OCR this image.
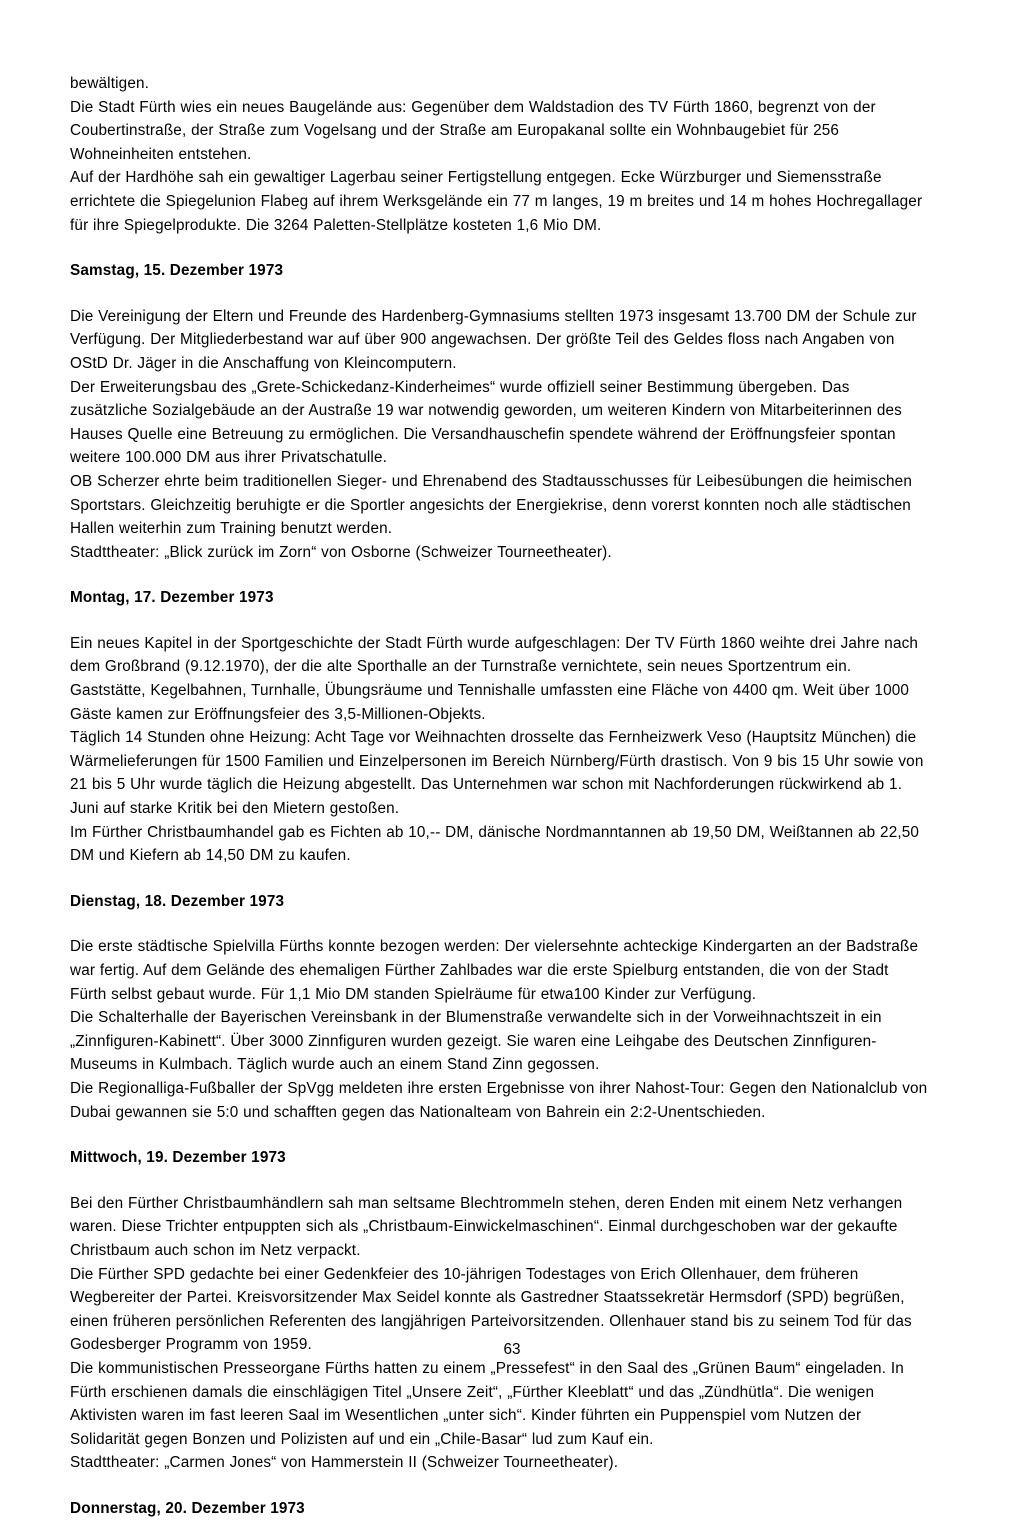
bewältigen.

Die Stadt Fürth wies ein neues Baugelände aus: Gegenüber dem Waldstadion des TV Fürth 1860, begrenzt von der Coubertinstraße, der Straße zum Vogelsang und der Straße am Europakanal sollte ein Wohnbaugebiet für 256 Wohneinheiten entstehen.

Auf der Hardhöhe sah ein gewaltiger Lagerbau seiner Fertigstellung entgegen. Ecke Würzburger und Siemensstraße errichtete die Spiegelunion Flabeg auf ihrem Werksgelände ein 77 m langes, 19 m breites und 14 m hohes Hochregallager für ihre Spiegelprodukte. Die 3264 Paletten-Stellplätze kosteten 1,6 Mio DM.

Samstag, 15. Dezember 1973

Die Vereinigung der Eltern und Freunde des Hardenberg-Gymnasiums stellten 1973 insgesamt 13.700 DM der Schule zur Verfügung. Der Mitgliederbestand war auf über 900 angewachsen. Der größte Teil des Geldes floss nach Angaben von OStD Dr. Jäger in die Anschaffung von Kleincomputern.

Der Erweiterungsbau des „Grete-Schickedanz-Kinderheimes“ wurde offiziell seiner Bestimmung übergeben. Das zusätzliche Sozialgebäude an der Austraße 19 war notwendig geworden, um weiteren Kindern von Mitarbeiterinnen des Hauses Quelle eine Betreuung zu ermöglichen. Die Versandhauschefin spendete während der Eröffnungsfeier spontan weitere 100.000 DM aus ihrer Privatschatulle.

OB Scherzer ehrte beim traditionellen Sieger- und Ehrenabend des Stadtausschusses für Leibesübungen die heimischen Sportstars. Gleichzeitig beruhigte er die Sportler angesichts der Energiekrise, denn vorerst konnten noch alle städtischen Hallen weiterhin zum Training benutzt werden.

Stadttheater: „Blick zurück im Zorn“ von Osborne (Schweizer Tourneetheater).

Montag, 17. Dezember 1973

Ein neues Kapitel in der Sportgeschichte der Stadt Fürth wurde aufgeschlagen: Der TV Fürth 1860 weihte drei Jahre nach dem Großbrand (9.12.1970), der die alte Sporthalle an der Turnstraße vernichtete, sein neues Sportzentrum ein. Gaststätte, Kegelbahnen, Turnhalle, Übungsräume und Tennishalle umfassten eine Fläche von 4400 qm. Weit über 1000 Gäste kamen zur Eröffnungsfeier des 3,5-Millionen-Objekts.

Täglich 14 Stunden ohne Heizung: Acht Tage vor Weihnachten drosselte das Fernheizwerk Veso (Hauptsitz München) die Wärmelieferungen für 1500 Familien und Einzelpersonen im Bereich Nürnberg/Fürth drastisch. Von 9 bis 15 Uhr sowie von 21 bis 5 Uhr wurde täglich die Heizung abgestellt. Das Unternehmen war schon mit Nachforderungen rückwirkend ab 1. Juni auf starke Kritik bei den Mietern gestoßen.

Im Fürther Christbaumhandel gab es Fichten ab 10,-- DM, dänische Nordmanntannen ab 19,50 DM, Weißtannen ab 22,50 DM und Kiefern ab 14,50 DM zu kaufen.

Dienstag, 18. Dezember 1973

Die erste städtische Spielvilla Fürths konnte bezogen werden: Der vielersehnte achteckige Kindergarten an der Badstraße war fertig. Auf dem Gelände des ehemaligen Fürther Zahlbades war die erste Spielburg entstanden, die von der Stadt Fürth selbst gebaut wurde. Für 1,1 Mio DM standen Spielräume für etwa100 Kinder zur Verfügung.

Die Schalterhalle der Bayerischen Vereinsbank in der Blumenstraße verwandelte sich in der Vorweihnachtszeit in ein „Zinnfiguren-Kabinett“. Über 3000 Zinnfiguren wurden gezeigt. Sie waren eine Leihgabe des Deutschen Zinnfiguren-Museums in Kulmbach. Täglich wurde auch an einem Stand Zinn gegossen.

Die Regionalliga-Fußballer der SpVgg meldeten ihre ersten Ergebnisse von ihrer Nahost-Tour: Gegen den Nationalclub von Dubai gewannen sie 5:0 und schafften gegen das Nationalteam von Bahrein ein 2:2-Unentschieden.

Mittwoch, 19. Dezember 1973

Bei den Fürther Christbaumhändlern sah man seltsame Blechtrommeln stehen, deren Enden mit einem Netz verhangen waren. Diese Trichter entpuppten sich als „Christbaum-Einwickelmaschinen“. Einmal durchgeschoben war der gekaufte Christbaum auch schon im Netz verpackt.

Die Fürther SPD gedachte bei einer Gedenkfeier des 10-jährigen Todestages von Erich Ollenhauer, dem früheren Wegbereiter der Partei. Kreisvorsitzender Max Seidel konnte als Gastredner Staatssekretär Hermsdorf (SPD) begrüßen, einen früheren persönlichen Referenten des langjährigen Parteivorsitzenden. Ollenhauer stand bis zu seinem Tod für das Godesberger Programm von 1959.

Die kommunistischen Presseorgane Fürths hatten zu einem „Pressefest“ in den Saal des „Grünen Baum“ eingeladen. In Fürth erschienen damals die einschlägigen Titel „Unsere Zeit“, „Fürther Kleeblatt“ und das „Zündhütla“. Die wenigen Aktivisten waren im fast leeren Saal im Wesentlichen „unter sich“. Kinder führten ein Puppenspiel vom Nutzen der Solidarität gegen Bonzen und Polizisten auf und ein „Chile-Basar“ lud zum Kauf ein.

Stadttheater: „Carmen Jones“ von Hammerstein II (Schweizer Tourneetheater).

Donnerstag, 20. Dezember 1973
63
